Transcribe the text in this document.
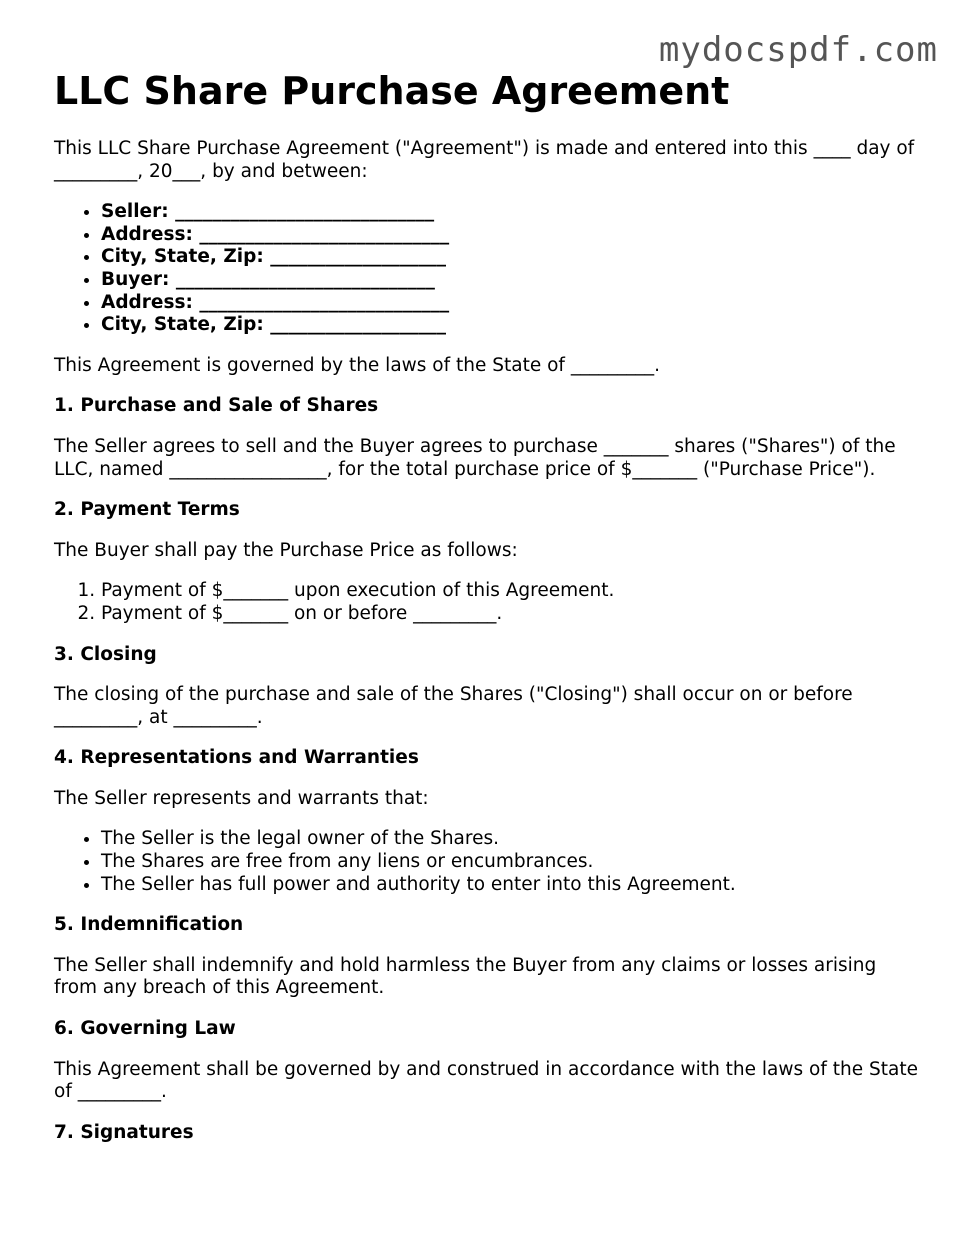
mydocspdf.com
LLC Share Purchase Agreement

This LLC Share Purchase Agreement ("Agreement") is made and entered into this ____ day of _________, 20___, by and between:

• Seller: ____________________________
• Address: ___________________________
• City, State, Zip: ___________________
• Buyer: ____________________________
• Address: ___________________________
• City, State, Zip: ___________________

This Agreement is governed by the laws of the State of _________.

1. Purchase and Sale of Shares

The Seller agrees to sell and the Buyer agrees to purchase _______ shares ("Shares") of the LLC, named _________________, for the total purchase price of $_______ ("Purchase Price").

2. Payment Terms

The Buyer shall pay the Purchase Price as follows:

1. Payment of $_______ upon execution of this Agreement.
2. Payment of $_______ on or before _________.
3. Closing

The closing of the purchase and sale of the Shares ("Closing") shall occur on or before _________, at _________.

4. Representations and Warranties

The Seller represents and warrants that:

• The Seller is the legal owner of the Shares.
• The Shares are free from any liens or encumbrances.
• The Seller has full power and authority to enter into this Agreement.
5. Indemnification

The Seller shall indemnify and hold harmless the Buyer from any claims or losses arising from any breach of this Agreement.

6. Governing Law

This Agreement shall be governed by and construed in accordance with the laws of the State of _________.

7. Signatures
